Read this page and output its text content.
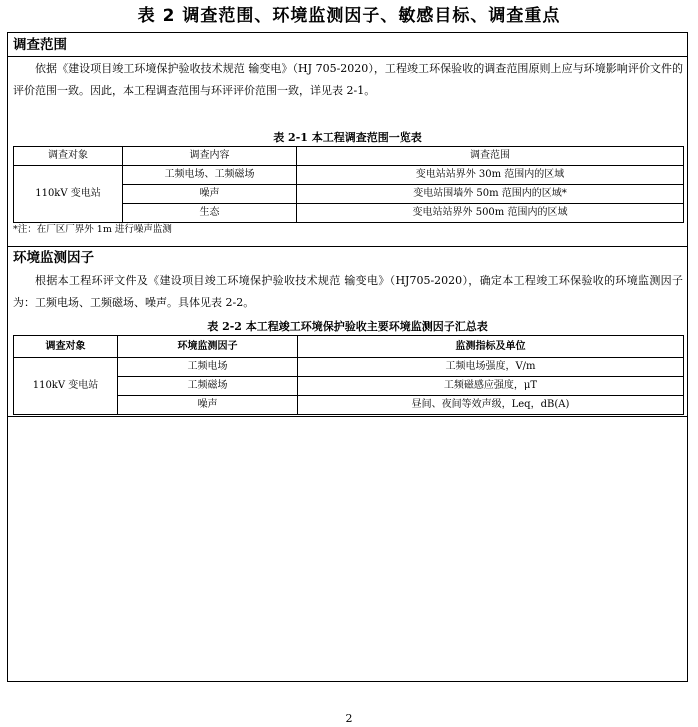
表 2 调查范围、环境监测因子、敏感目标、调查重点
调查范围
依据《建设项目竣工环境保护验收技术规范 输变电》（HJ 705-2020），工程竣工环保验收的调查范围原则上应与环境影响评价文件的评价范围一致。因此，本工程调查范围与环评评价范围一致，详见表 2-1。
表 2-1 本工程调查范围一览表
调查对象	调查内容	调查范围
110kV 变电站	工频电场、工频磁场	变电站站界外 30m 范围内的区域
	噪声	变电站围墙外 50m 范围内的区域*
	生态	变电站站界外 500m 范围内的区域
*注：在厂区厂界外 1m 进行噪声监测
环境监测因子
根据本工程环评文件及《建设项目竣工环境保护验收技术规范 输变电》（HJ705-2020），确定本工程竣工环保验收的环境监测因子为：工频电场、工频磁场、噪声。具体见表 2-2。
表 2-2 本工程竣工环境保护验收主要环境监测因子汇总表
调查对象	环境监测因子	监测指标及单位
110kV 变电站	工频电场	工频电场强度，V/m
	工频磁场	工频磁感应强度，μT
	噪声	昼间、夜间等效声级，Leq，dB(A)
2
